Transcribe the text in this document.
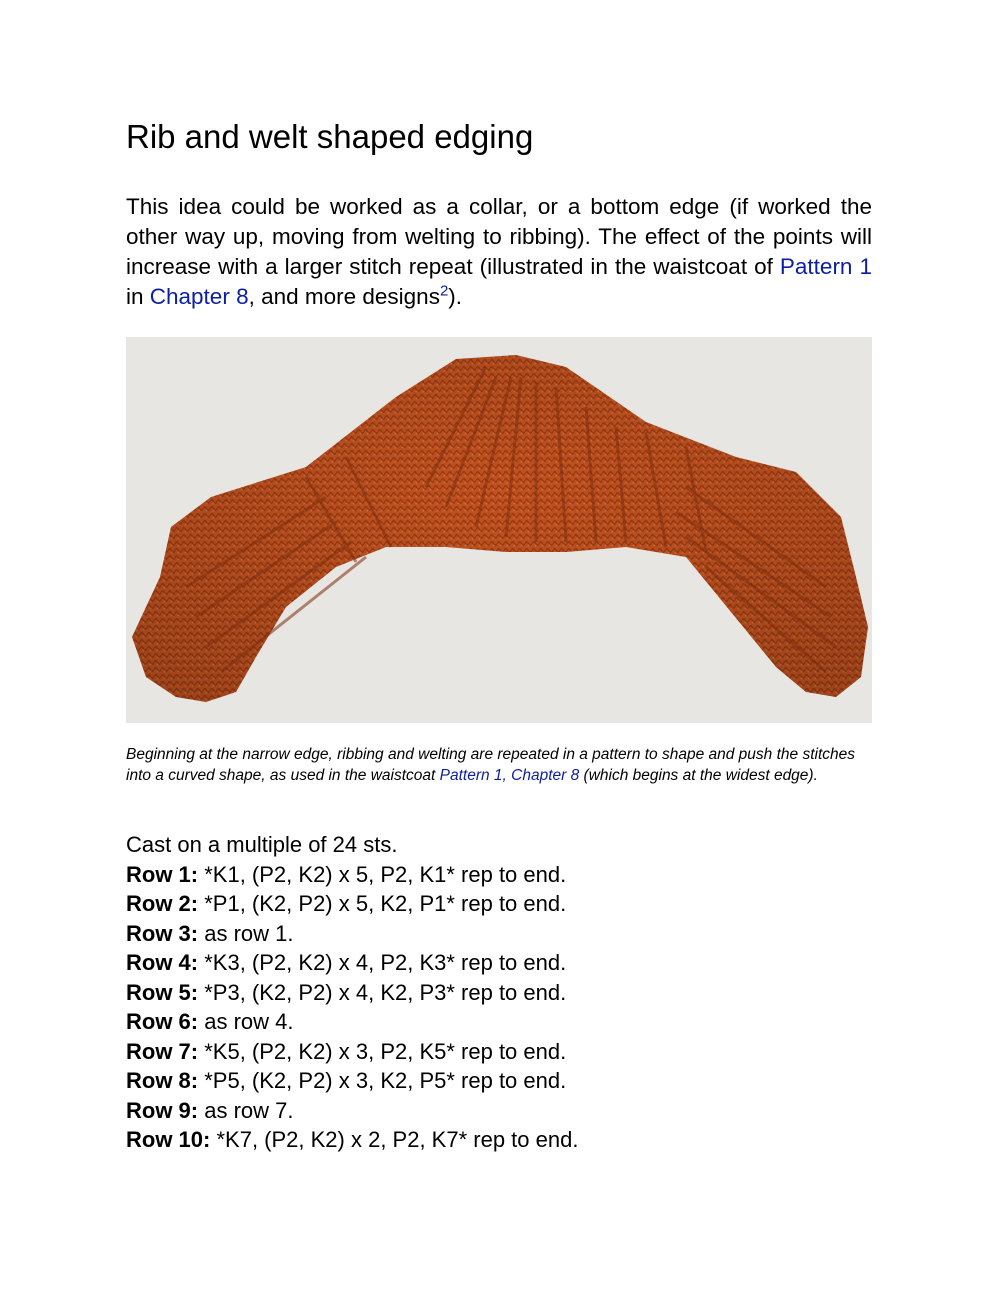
Rib and welt shaped edging

This idea could be worked as a collar, or a bottom edge (if worked the other way up, moving from welting to ribbing). The effect of the points will increase with a larger stitch repeat (illustrated in the waistcoat of Pattern 1 in Chapter 8, and more designs$^2$).

Beginning at the narrow edge, ribbing and welting are repeated in a pattern to shape and push the stitches into a curved shape, as used in the waistcoat Pattern 1, Chapter 8 (which begins at the widest edge).

Cast on a multiple of 24 sts.
Row 1: *K1, (P2, K2) x 5, P2, K1* rep to end.
Row 2: *P1, (K2, P2) x 5, K2, P1* rep to end.
Row 3: as row 1.
Row 4: *K3, (P2, K2) x 4, P2, K3* rep to end.
Row 5: *P3, (K2, P2) x 4, K2, P3* rep to end.
Row 6: as row 4.
Row 7: *K5, (P2, K2) x 3, P2, K5* rep to end.
Row 8: *P5, (K2, P2) x 3, K2, P5* rep to end.
Row 9: as row 7.
Row 10: *K7, (P2, K2) x 2, P2, K7* rep to end.
